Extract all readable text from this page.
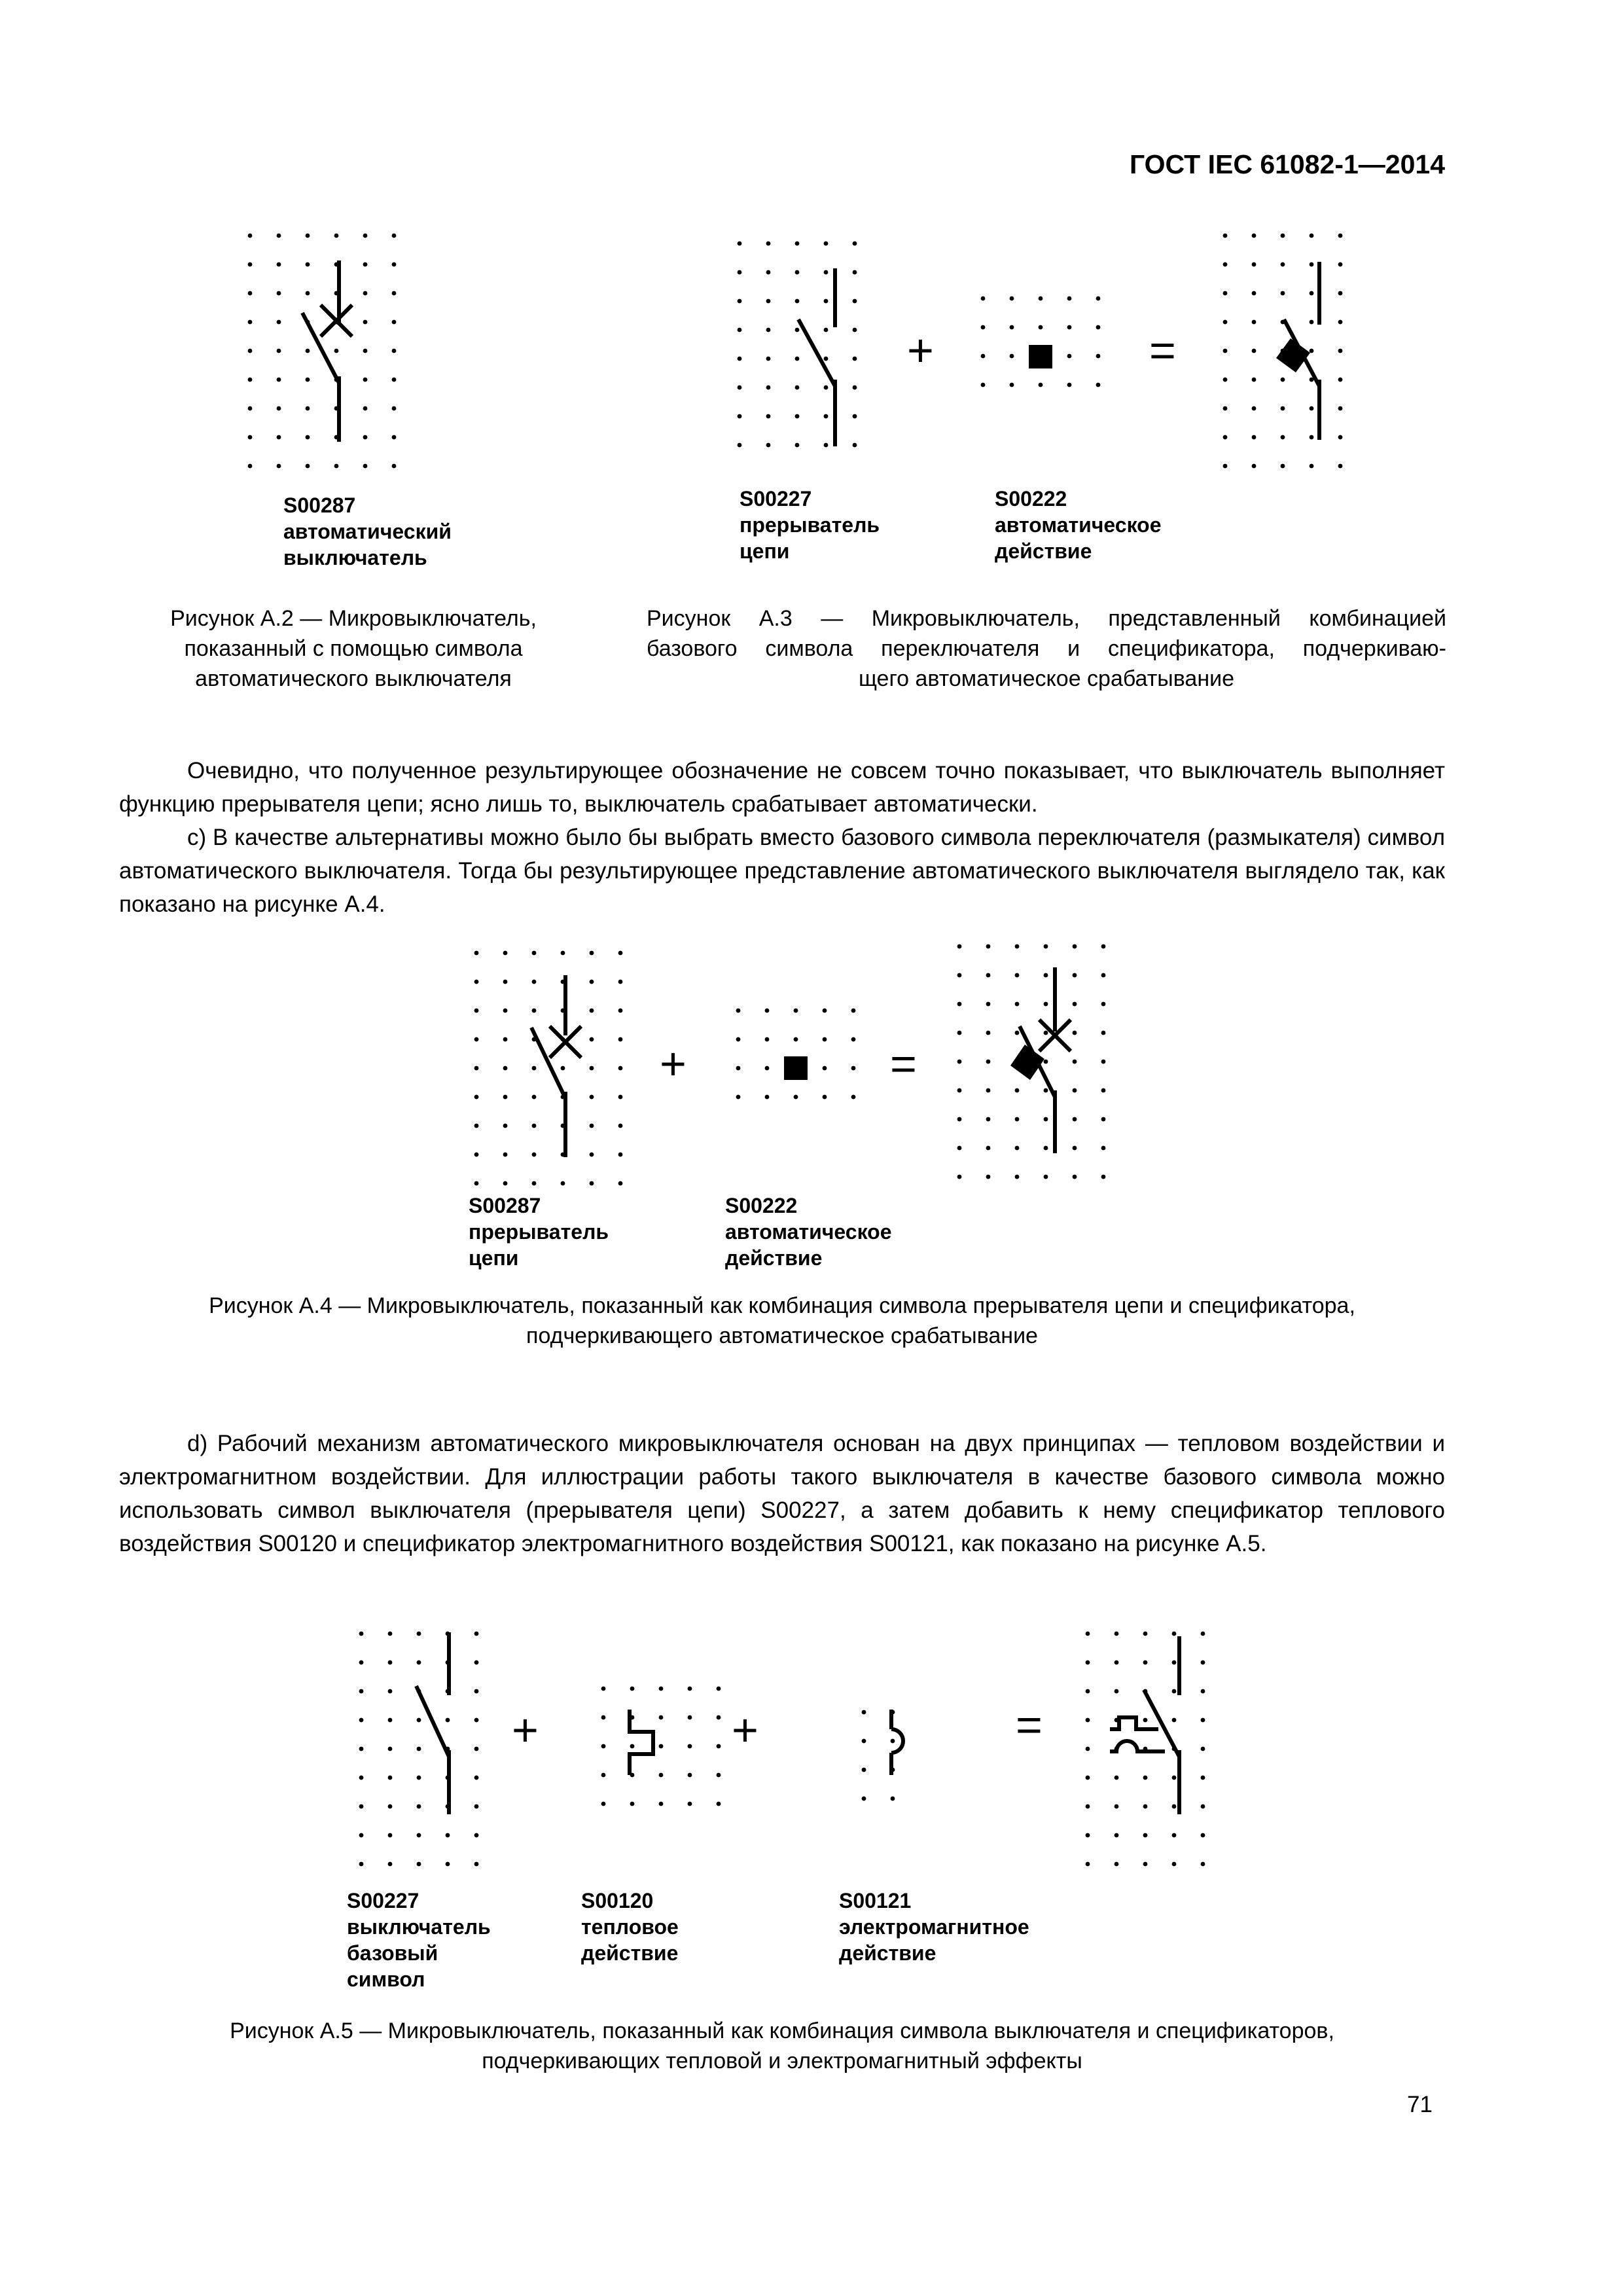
ГОСТ IEC 61082-1—2014
S00287
автоматический
выключатель
Рисунок А.2 — Микровыключатель,
показанный с помощью символа
автоматического выключателя
+	=
S00227
прерыватель
цепи
S00222
автоматическое
действие
Рисунок А.3 — Микровыключатель, представленный комбинацией
базового символа переключателя и спецификатора, подчеркиваю-
щего автоматическое срабатывание

Очевидно, что полученное результирующее обозначение не совсем точно показывает, что выключатель выполняет функцию прерывателя цепи; ясно лишь то, выключатель срабатывает автоматически.

c) В качестве альтернативы можно было бы выбрать вместо базового символа переключателя (размыкателя) символ автоматического выключателя. Тогда бы результирующее представление автоматического выключателя выглядело так, как показано на рисунке А.4.

+	=
S00287
прерыватель
цепи
S00222
автоматическое
действие
Рисунок А.4 — Микровыключатель, показанный как комбинация символа прерывателя цепи и спецификатора,
подчеркивающего автоматическое срабатывание

d) Рабочий механизм автоматического микровыключателя основан на двух принципах — тепловом воздействии и электромагнитном воздействии. Для иллюстрации работы такого выключателя в качестве базового символа можно использовать символ выключателя (прерывателя цепи) S00227, а затем добавить к нему спецификатор теплового воздействия S00120 и спецификатор электромагнитного воздействия S00121, как показано на рисунке А.5.

+	+	=
S00227
выключатель
базовый
символ
S00120
тепловое
действие
S00121
электромагнитное
действие
Рисунок А.5 — Микровыключатель, показанный как комбинация символа выключателя и спецификаторов,
подчеркивающих тепловой и электромагнитный эффекты
71
